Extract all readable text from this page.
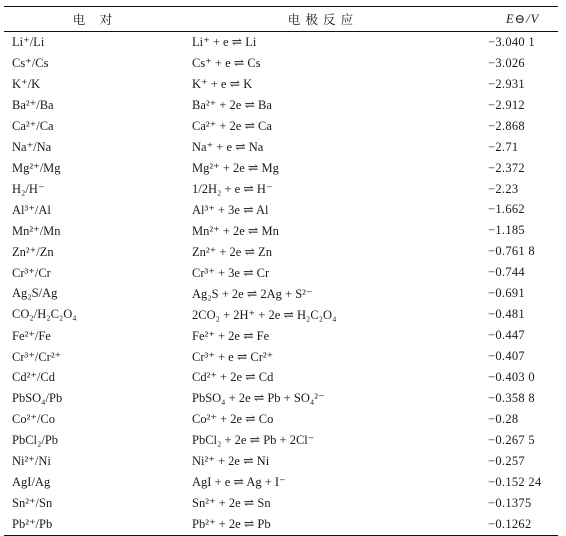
电　对	电 极 反 应	E⊖/V
Li⁺/Li	Li⁺ + e ⇌ Li	−3.040 1
Cs⁺/Cs	Cs⁺ + e ⇌ Cs	−3.026
K⁺/K	K⁺ + e ⇌ K	−2.931
Ba²⁺/Ba	Ba²⁺ + 2e ⇌ Ba	−2.912
Ca²⁺/Ca	Ca²⁺ + 2e ⇌ Ca	−2.868
Na⁺/Na	Na⁺ + e ⇌ Na	−2.71
Mg²⁺/Mg	Mg²⁺ + 2e ⇌ Mg	−2.372
H₂/H⁻	1/2H₂ + e ⇌ H⁻	−2.23
Al³⁺/Al	Al³⁺ + 3e ⇌ Al	−1.662
Mn²⁺/Mn	Mn²⁺ + 2e ⇌ Mn	−1.185
Zn²⁺/Zn	Zn²⁺ + 2e ⇌ Zn	−0.761 8
Cr³⁺/Cr	Cr³⁺ + 3e ⇌ Cr	−0.744
Ag₂S/Ag	Ag₂S + 2e ⇌ 2Ag + S²⁻	−0.691
CO₂/H₂C₂O₄	2CO₂ + 2H⁺ + 2e ⇌ H₂C₂O₄	−0.481
Fe²⁺/Fe	Fe²⁺ + 2e ⇌ Fe	−0.447
Cr³⁺/Cr²⁺	Cr³⁺ + e ⇌ Cr²⁺	−0.407
Cd²⁺/Cd	Cd²⁺ + 2e ⇌ Cd	−0.403 0
PbSO₄/Pb	PbSO₄ + 2e ⇌ Pb + SO₄²⁻	−0.358 8
Co²⁺/Co	Co²⁺ + 2e ⇌ Co	−0.28
PbCl₂/Pb	PbCl₂ + 2e ⇌ Pb + 2Cl⁻	−0.267 5
Ni²⁺/Ni	Ni²⁺ + 2e ⇌ Ni	−0.257
AgI/Ag	AgI + e ⇌ Ag + I⁻	−0.152 24
Sn²⁺/Sn	Sn²⁺ + 2e ⇌ Sn	−0.1375
Pb²⁺/Pb	Pb²⁺ + 2e ⇌ Pb	−0.1262
